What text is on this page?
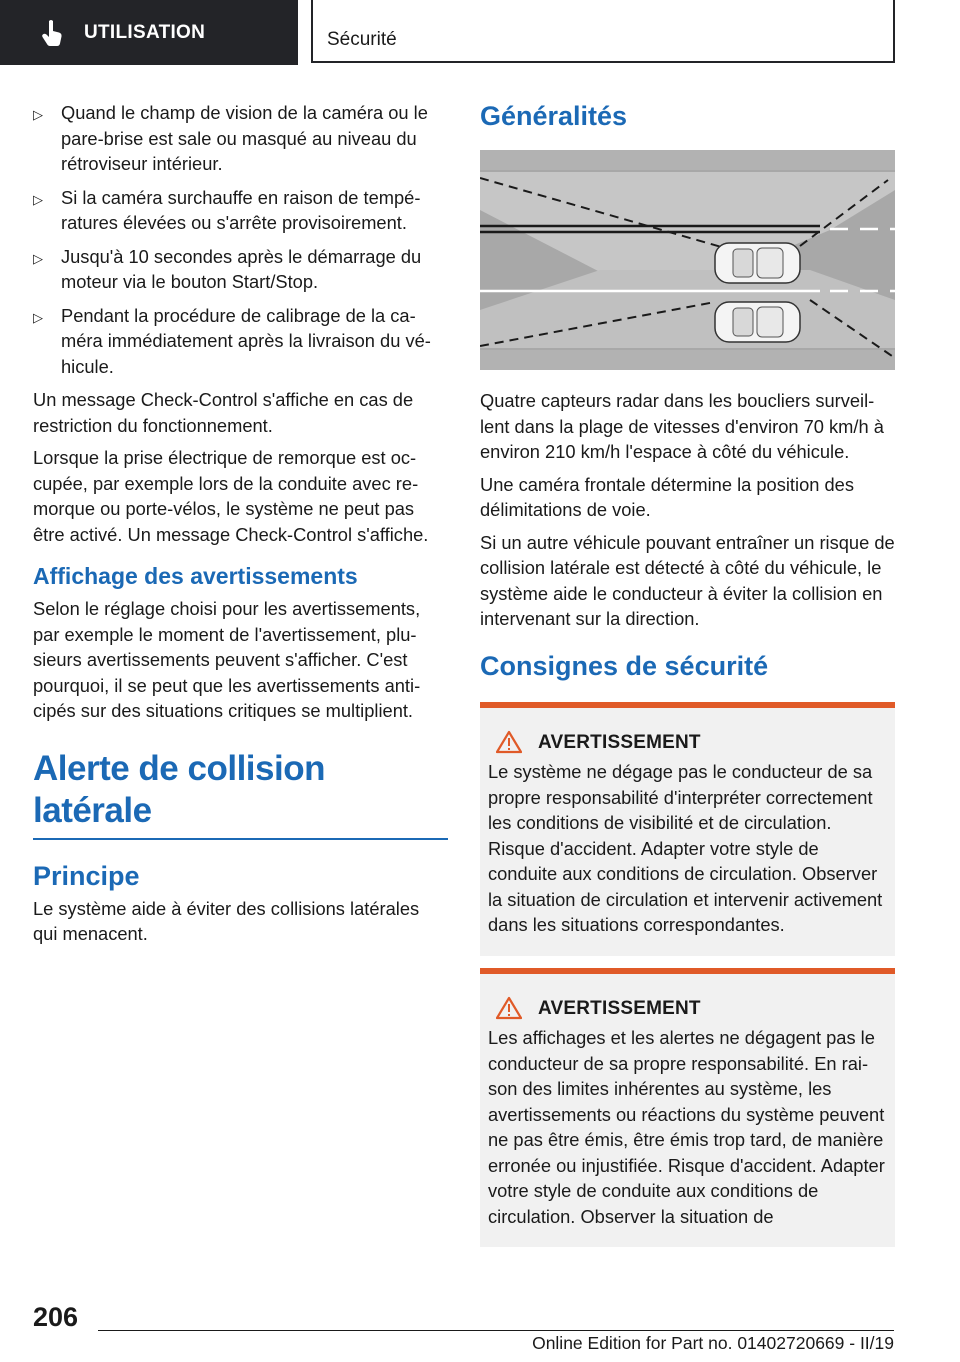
UTILISATION	Sécurité
▷ Quand le champ de vision de la caméra ou le pare-brise est sale ou masqué au niveau du rétroviseur intérieur.
▷ Si la caméra surchauffe en raison de températures élevées ou s'arrête provisoirement.
▷ Jusqu'à 10 secondes après le démarrage du moteur via le bouton Start/Stop.
▷ Pendant la procédure de calibrage de la caméra immédiatement après la livraison du véhicule.

Un message Check-Control s'affiche en cas de restriction du fonctionnement.

Lorsque la prise électrique de remorque est occupée, par exemple lors de la conduite avec remorque ou porte-vélos, le système ne peut pas être activé. Un message Check-Control s'affiche.

Affichage des avertissements

Selon le réglage choisi pour les avertissements, par exemple le moment de l'avertissement, plusieurs avertissements peuvent s'afficher. C'est pourquoi, il se peut que les avertissements anticipés sur des situations critiques se multiplient.

Alerte de collision latérale
Principe

Le système aide à éviter des collisions latérales qui menacent.

Généralités

Quatre capteurs radar dans les boucliers surveillent dans la plage de vitesses d'environ 70 km/h à environ 210 km/h l'espace à côté du véhicule.

Une caméra frontale détermine la position des délimitations de voie.

Si un autre véhicule pouvant entraîner un risque de collision latérale est détecté à côté du véhicule, le système aide le conducteur à éviter la collision en intervenant sur la direction.

Consignes de sécurité
AVERTISSEMENT

Le système ne dégage pas le conducteur de sa propre responsabilité d'interpréter correctement les conditions de visibilité et de circulation. Risque d'accident. Adapter votre style de conduite aux conditions de circulation. Observer la situation de circulation et intervenir activement dans les situations correspondantes.

AVERTISSEMENT

Les affichages et les alertes ne dégagent pas le conducteur de sa propre responsabilité. En raison des limites inhérentes au système, les avertissements ou réactions du système peuvent ne pas être émis, être émis trop tard, de manière erronée ou injustifiée. Risque d'accident. Adapter votre style de conduite aux conditions de circulation. Observer la situation de

206
Online Edition for Part no. 01402720669 - II/19
